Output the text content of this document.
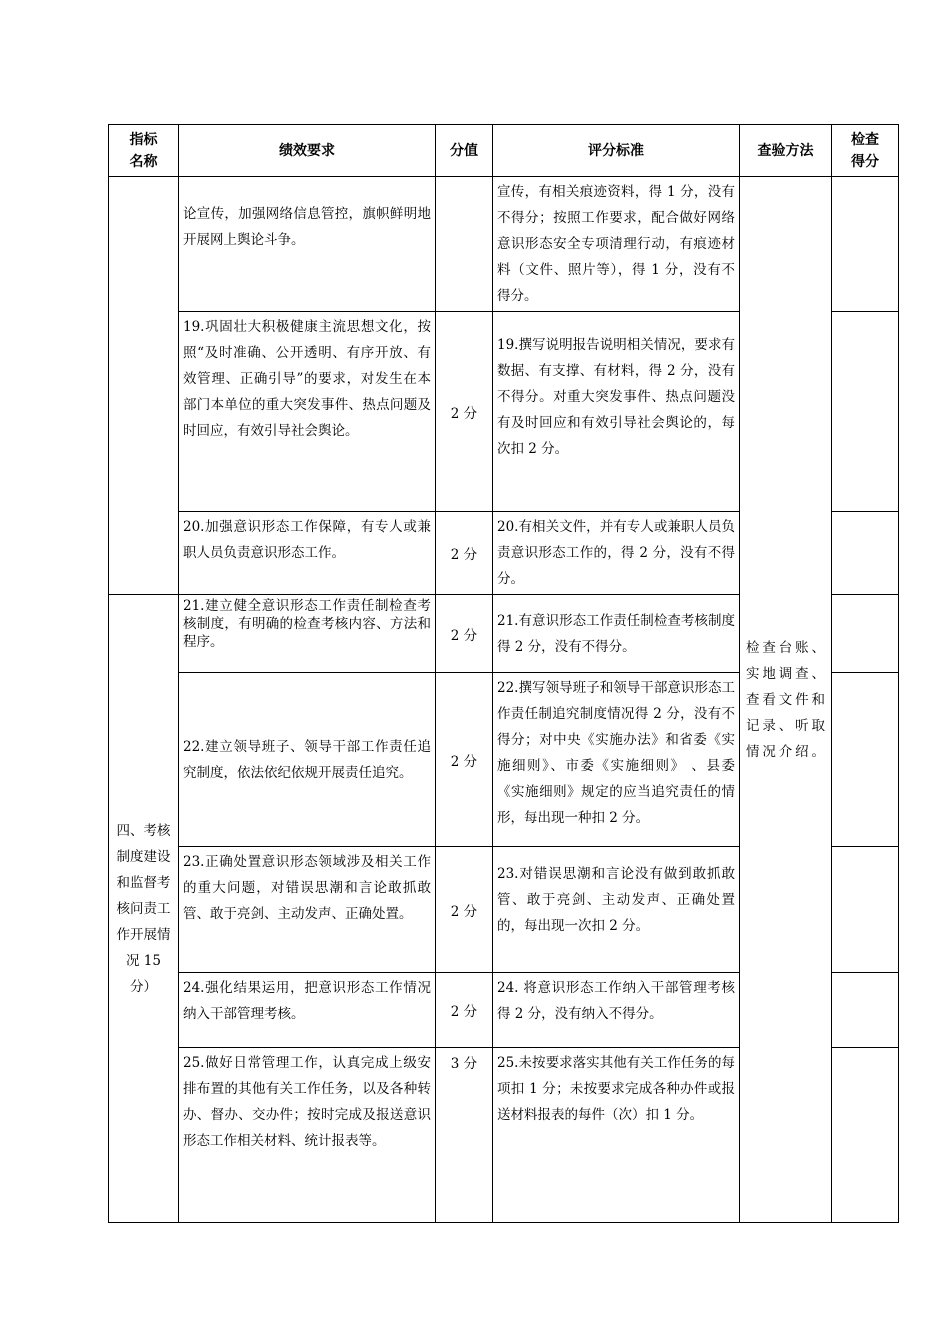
指标名称	绩效要求	分值	评分标准	查验方法	检查得分
	论宣传，加强网络信息管控，旗帜鲜明地开展网上舆论斗争。		宣传，有相关痕迹资料，得 1 分，没有不得分；按照工作要求，配合做好网络意识形态安全专项清理行动，有痕迹材料（文件、照片等），得 1 分，没有不得分。	检查台账、实地调查、查看文件和记录、听取情况介绍。	
	19.巩固壮大积极健康主流思想文化，按照“及时准确、公开透明、有序开放、有效管理、正确引导”的要求，对发生在本部门本单位的重大突发事件、热点问题及时回应，有效引导社会舆论。	2 分	19.撰写说明报告说明相关情况，要求有数据、有支撑、有材料，得 2 分，没有不得分。对重大突发事件、热点问题没有及时回应和有效引导社会舆论的，每次扣 2 分。		
	20.加强意识形态工作保障，有专人或兼职人员负责意识形态工作。	2 分	20.有相关文件，并有专人或兼职人员负责意识形态工作的，得 2 分，没有不得分。		
四、考核制度建设和监督考核问责工作开展情况 15 分）	21.建立健全意识形态工作责任制检查考核制度，有明确的检查考核内容、方法和程序。	2 分	21.有意识形态工作责任制检查考核制度得 2 分，没有不得分。		
	22.建立领导班子、领导干部工作责任追究制度，依法依纪依规开展责任追究。	2 分	22.撰写领导班子和领导干部意识形态工作责任制追究制度情况得 2 分，没有不得分；对中央《实施办法》和省委《实施细则》、市委《实施细则》 、县委《实施细则》规定的应当追究责任的情形，每出现一种扣 2 分。		
	23.正确处置意识形态领域涉及相关工作的重大问题，对错误思潮和言论敢抓敢管、敢于亮剑、主动发声、正确处置。	2 分	23.对错误思潮和言论没有做到敢抓敢管、敢于亮剑、主动发声、正确处置的，每出现一次扣 2 分。		
	24.强化结果运用，把意识形态工作情况纳入干部管理考核。	2 分	24. 将意识形态工作纳入干部管理考核得 2 分，没有纳入不得分。		
	25.做好日常管理工作，认真完成上级安排布置的其他有关工作任务，以及各种转办、督办、交办件；按时完成及报送意识形态工作相关材料、统计报表等。	3 分	25.未按要求落实其他有关工作任务的每项扣 1 分；未按要求完成各种办件或报送材料报表的每件（次）扣 1 分。		
